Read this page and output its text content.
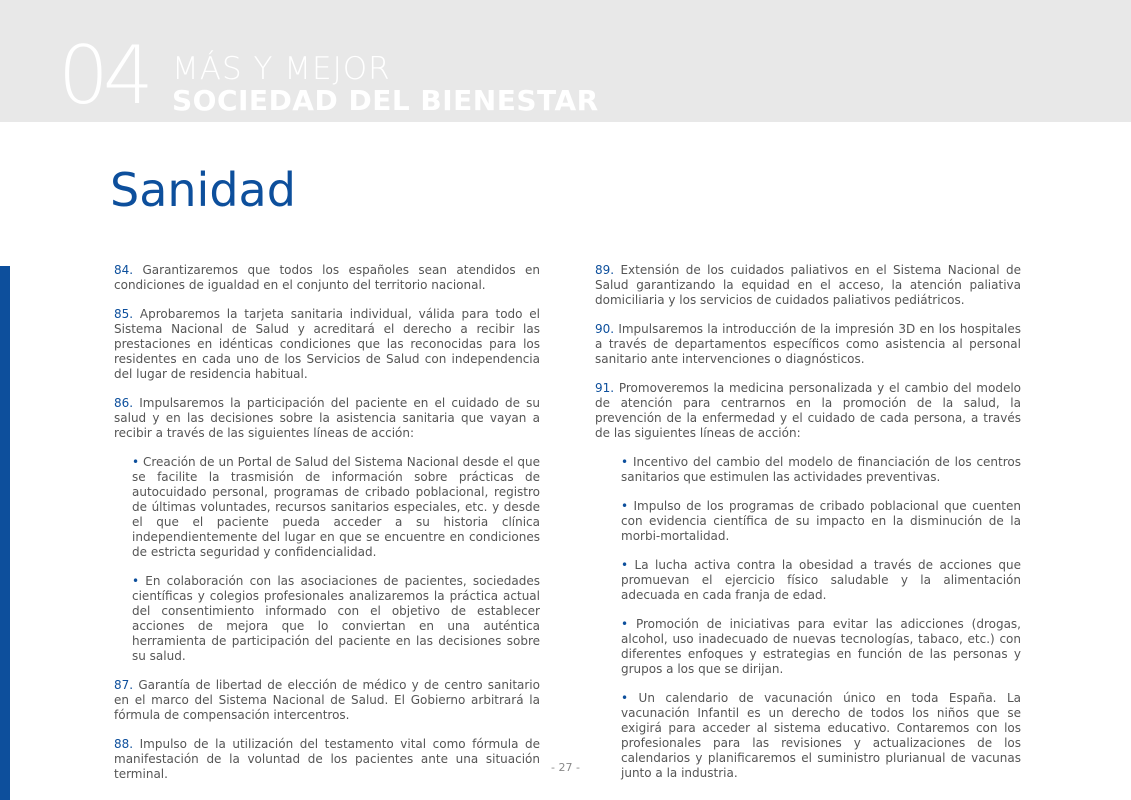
04 MÁS Y MEJOR
SOCIEDAD DEL BIENESTAR
Sanidad

84. Garantizaremos que todos los españoles sean atendidos en condiciones de igualdad en el conjunto del territorio nacional.

85. Aprobaremos la tarjeta sanitaria individual, válida para todo el Sistema Nacional de Salud y acreditará el derecho a recibir las prestaciones en idénticas condiciones que las reconocidas para los residentes en cada uno de los Servicios de Salud con independencia del lugar de residencia habitual.

86. Impulsaremos la participación del paciente en el cuidado de su salud y en las decisiones sobre la asistencia sanitaria que vayan a recibir a través de las siguientes líneas de acción:

• Creación de un Portal de Salud del Sistema Nacional desde el que se facilite la trasmisión de información sobre prácticas de autocuidado personal, programas de cribado poblacional, registro de últimas voluntades, recursos sanitarios especiales, etc. y desde el que el paciente pueda acceder a su historia clínica independientemente del lugar en que se encuentre en condiciones de estricta seguridad y confidencialidad.

• En colaboración con las asociaciones de pacientes, sociedades científicas y colegios profesionales analizaremos la práctica actual del consentimiento informado con el objetivo de establecer acciones de mejora que lo conviertan en una auténtica herramienta de participación del paciente en las decisiones sobre su salud.

87. Garantía de libertad de elección de médico y de centro sanitario en el marco del Sistema Nacional de Salud. El Gobierno arbitrará la fórmula de compensación intercentros.

88. Impulso de la utilización del testamento vital como fórmula de manifestación de la voluntad de los pacientes ante una situación terminal.

89. Extensión de los cuidados paliativos en el Sistema Nacional de Salud garantizando la equidad en el acceso, la atención paliativa domiciliaria y los servicios de cuidados paliativos pediátricos.

90. Impulsaremos la introducción de la impresión 3D en los hospitales a través de departamentos específicos como asistencia al personal sanitario ante intervenciones o diagnósticos.

91. Promoveremos la medicina personalizada y el cambio del modelo de atención para centrarnos en la promoción de la salud, la prevención de la enfermedad y el cuidado de cada persona, a través de las siguientes líneas de acción:

• Incentivo del cambio del modelo de financiación de los centros sanitarios que estimulen las actividades preventivas.

• Impulso de los programas de cribado poblacional que cuenten con evidencia científica de su impacto en la disminución de la morbi-mortalidad.

• La lucha activa contra la obesidad a través de acciones que promuevan el ejercicio físico saludable y la alimentación adecuada en cada franja de edad.

• Promoción de iniciativas para evitar las adicciones (drogas, alcohol, uso inadecuado de nuevas tecnologías, tabaco, etc.) con diferentes enfoques y estrategias en función de las personas y grupos a los que se dirijan.

• Un calendario de vacunación único en toda España. La vacunación Infantil es un derecho de todos los niños que se exigirá para acceder al sistema educativo. Contaremos con los profesionales para las revisiones y actualizaciones de los calendarios y planificaremos el suministro plurianual de vacunas junto a la industria.

- 27 -
